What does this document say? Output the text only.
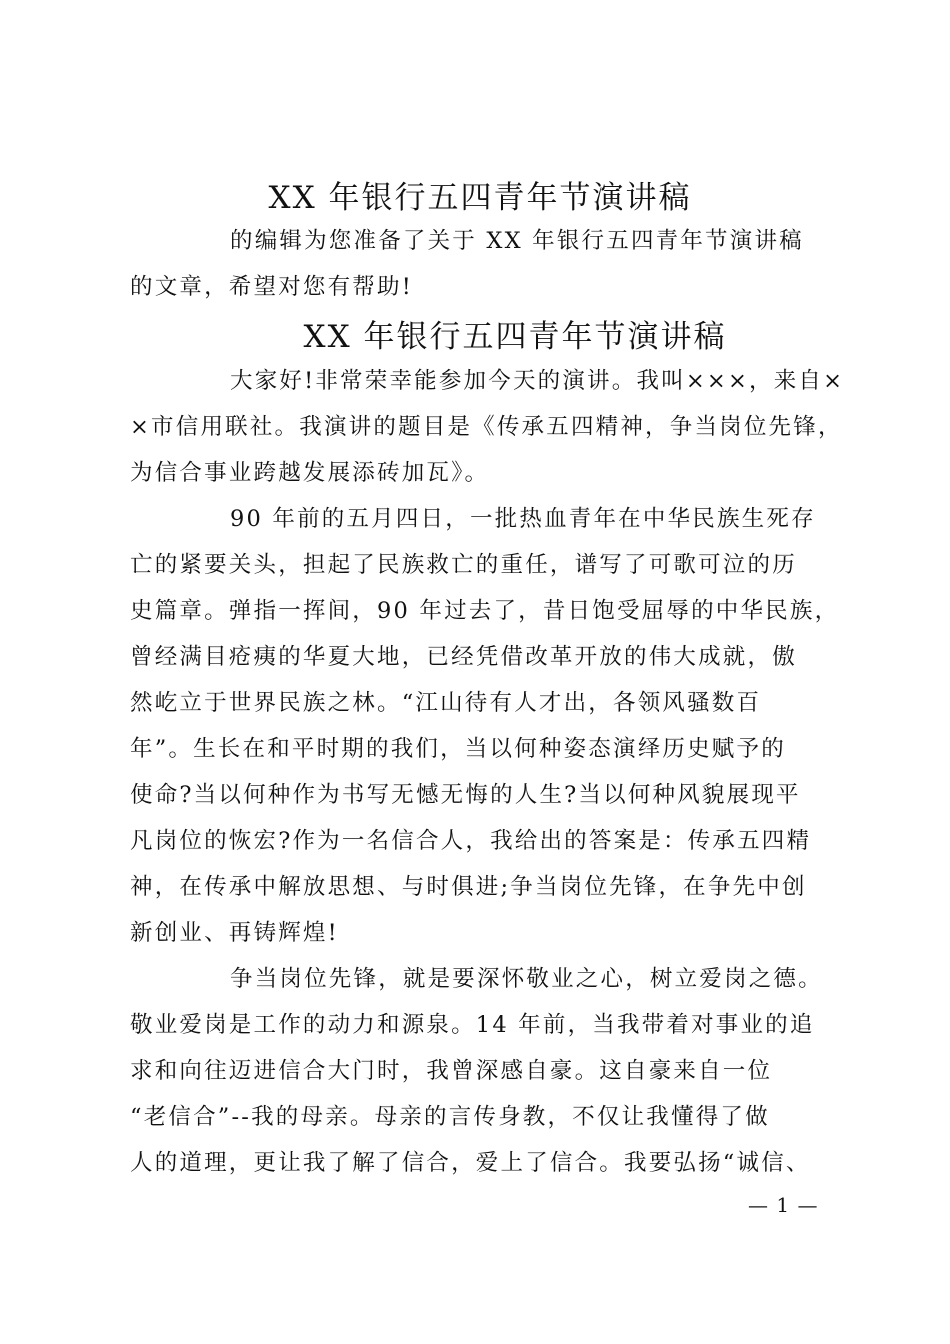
XX 年银行五四青年节演讲稿
的编辑为您准备了关于 XX 年银行五四青年节演讲稿
的文章，希望对您有帮助!
XX 年银行五四青年节演讲稿
大家好!非常荣幸能参加今天的演讲。我叫×××，来自×
×市信用联社。我演讲的题目是《传承五四精神，争当岗位先锋，
为信合事业跨越发展添砖加瓦》。
90 年前的五月四日，一批热血青年在中华民族生死存
亡的紧要关头，担起了民族救亡的重任，谱写了可歌可泣的历
史篇章。弹指一挥间，90 年过去了，昔日饱受屈辱的中华民族，
曾经满目疮痍的华夏大地，已经凭借改革开放的伟大成就，傲
然屹立于世界民族之林。“江山待有人才出，各领风骚数百
年”。生长在和平时期的我们，当以何种姿态演绎历史赋予的
使命?当以何种作为书写无憾无悔的人生?当以何种风貌展现平
凡岗位的恢宏?作为一名信合人，我给出的答案是：传承五四精
神，在传承中解放思想、与时俱进;争当岗位先锋，在争先中创
新创业、再铸辉煌!
争当岗位先锋，就是要深怀敬业之心，树立爱岗之德。
敬业爱岗是工作的动力和源泉。14 年前，当我带着对事业的追
求和向往迈进信合大门时，我曾深感自豪。这自豪来自一位
“老信合”--我的母亲。母亲的言传身教，不仅让我懂得了做
人的道理，更让我了解了信合，爱上了信合。我要弘扬“诚信、
— 1 —
